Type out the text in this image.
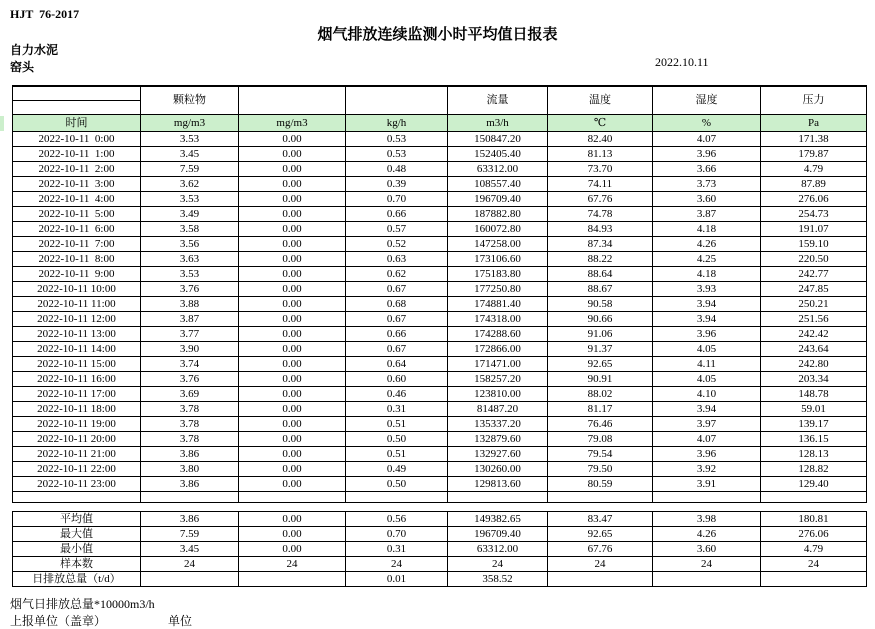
HJT  76-2017
烟气排放连续监测小时平均值日报表
自力水泥
窑头	2022.10.11
	颗粒物			流量	温度	湿度	压力

时间	mg/m3	mg/m3	kg/h	m3/h	℃	%	Pa
2022-10-11  0:00	3.53	0.00	0.53	150847.20	82.40	4.07	171.38
2022-10-11  1:00	3.45	0.00	0.53	152405.40	81.13	3.96	179.87
2022-10-11  2:00	7.59	0.00	0.48	63312.00	73.70	3.66	4.79
2022-10-11  3:00	3.62	0.00	0.39	108557.40	74.11	3.73	87.89
2022-10-11  4:00	3.53	0.00	0.70	196709.40	67.76	3.60	276.06
2022-10-11  5:00	3.49	0.00	0.66	187882.80	74.78	3.87	254.73
2022-10-11  6:00	3.58	0.00	0.57	160072.80	84.93	4.18	191.07
2022-10-11  7:00	3.56	0.00	0.52	147258.00	87.34	4.26	159.10
2022-10-11  8:00	3.63	0.00	0.63	173106.60	88.22	4.25	220.50
2022-10-11  9:00	3.53	0.00	0.62	175183.80	88.64	4.18	242.77
2022-10-11 10:00	3.76	0.00	0.67	177250.80	88.67	3.93	247.85
2022-10-11 11:00	3.88	0.00	0.68	174881.40	90.58	3.94	250.21
2022-10-11 12:00	3.87	0.00	0.67	174318.00	90.66	3.94	251.56
2022-10-11 13:00	3.77	0.00	0.66	174288.60	91.06	3.96	242.42
2022-10-11 14:00	3.90	0.00	0.67	172866.00	91.37	4.05	243.64
2022-10-11 15:00	3.74	0.00	0.64	171471.00	92.65	4.11	242.80
2022-10-11 16:00	3.76	0.00	0.60	158257.20	90.91	4.05	203.34
2022-10-11 17:00	3.69	0.00	0.46	123810.00	88.02	4.10	148.78
2022-10-11 18:00	3.78	0.00	0.31	81487.20	81.17	3.94	59.01
2022-10-11 19:00	3.78	0.00	0.51	135337.20	76.46	3.97	139.17
2022-10-11 20:00	3.78	0.00	0.50	132879.60	79.08	4.07	136.15
2022-10-11 21:00	3.86	0.00	0.51	132927.60	79.54	3.96	128.13
2022-10-11 22:00	3.80	0.00	0.49	130260.00	79.50	3.92	128.82
2022-10-11 23:00	3.86	0.00	0.50	129813.60	80.59	3.91	129.40

平均值	3.86	0.00	0.56	149382.65	83.47	3.98	180.81
最大值	7.59	0.00	0.70	196709.40	92.65	4.26	276.06
最小值	3.45	0.00	0.31	63312.00	67.76	3.60	4.79
样本数	24	24	24	24	24	24	24
日排放总量（t/d）			0.01	358.52			
烟气日排放总量*10000m3/h
上报单位（盖章）	单位
